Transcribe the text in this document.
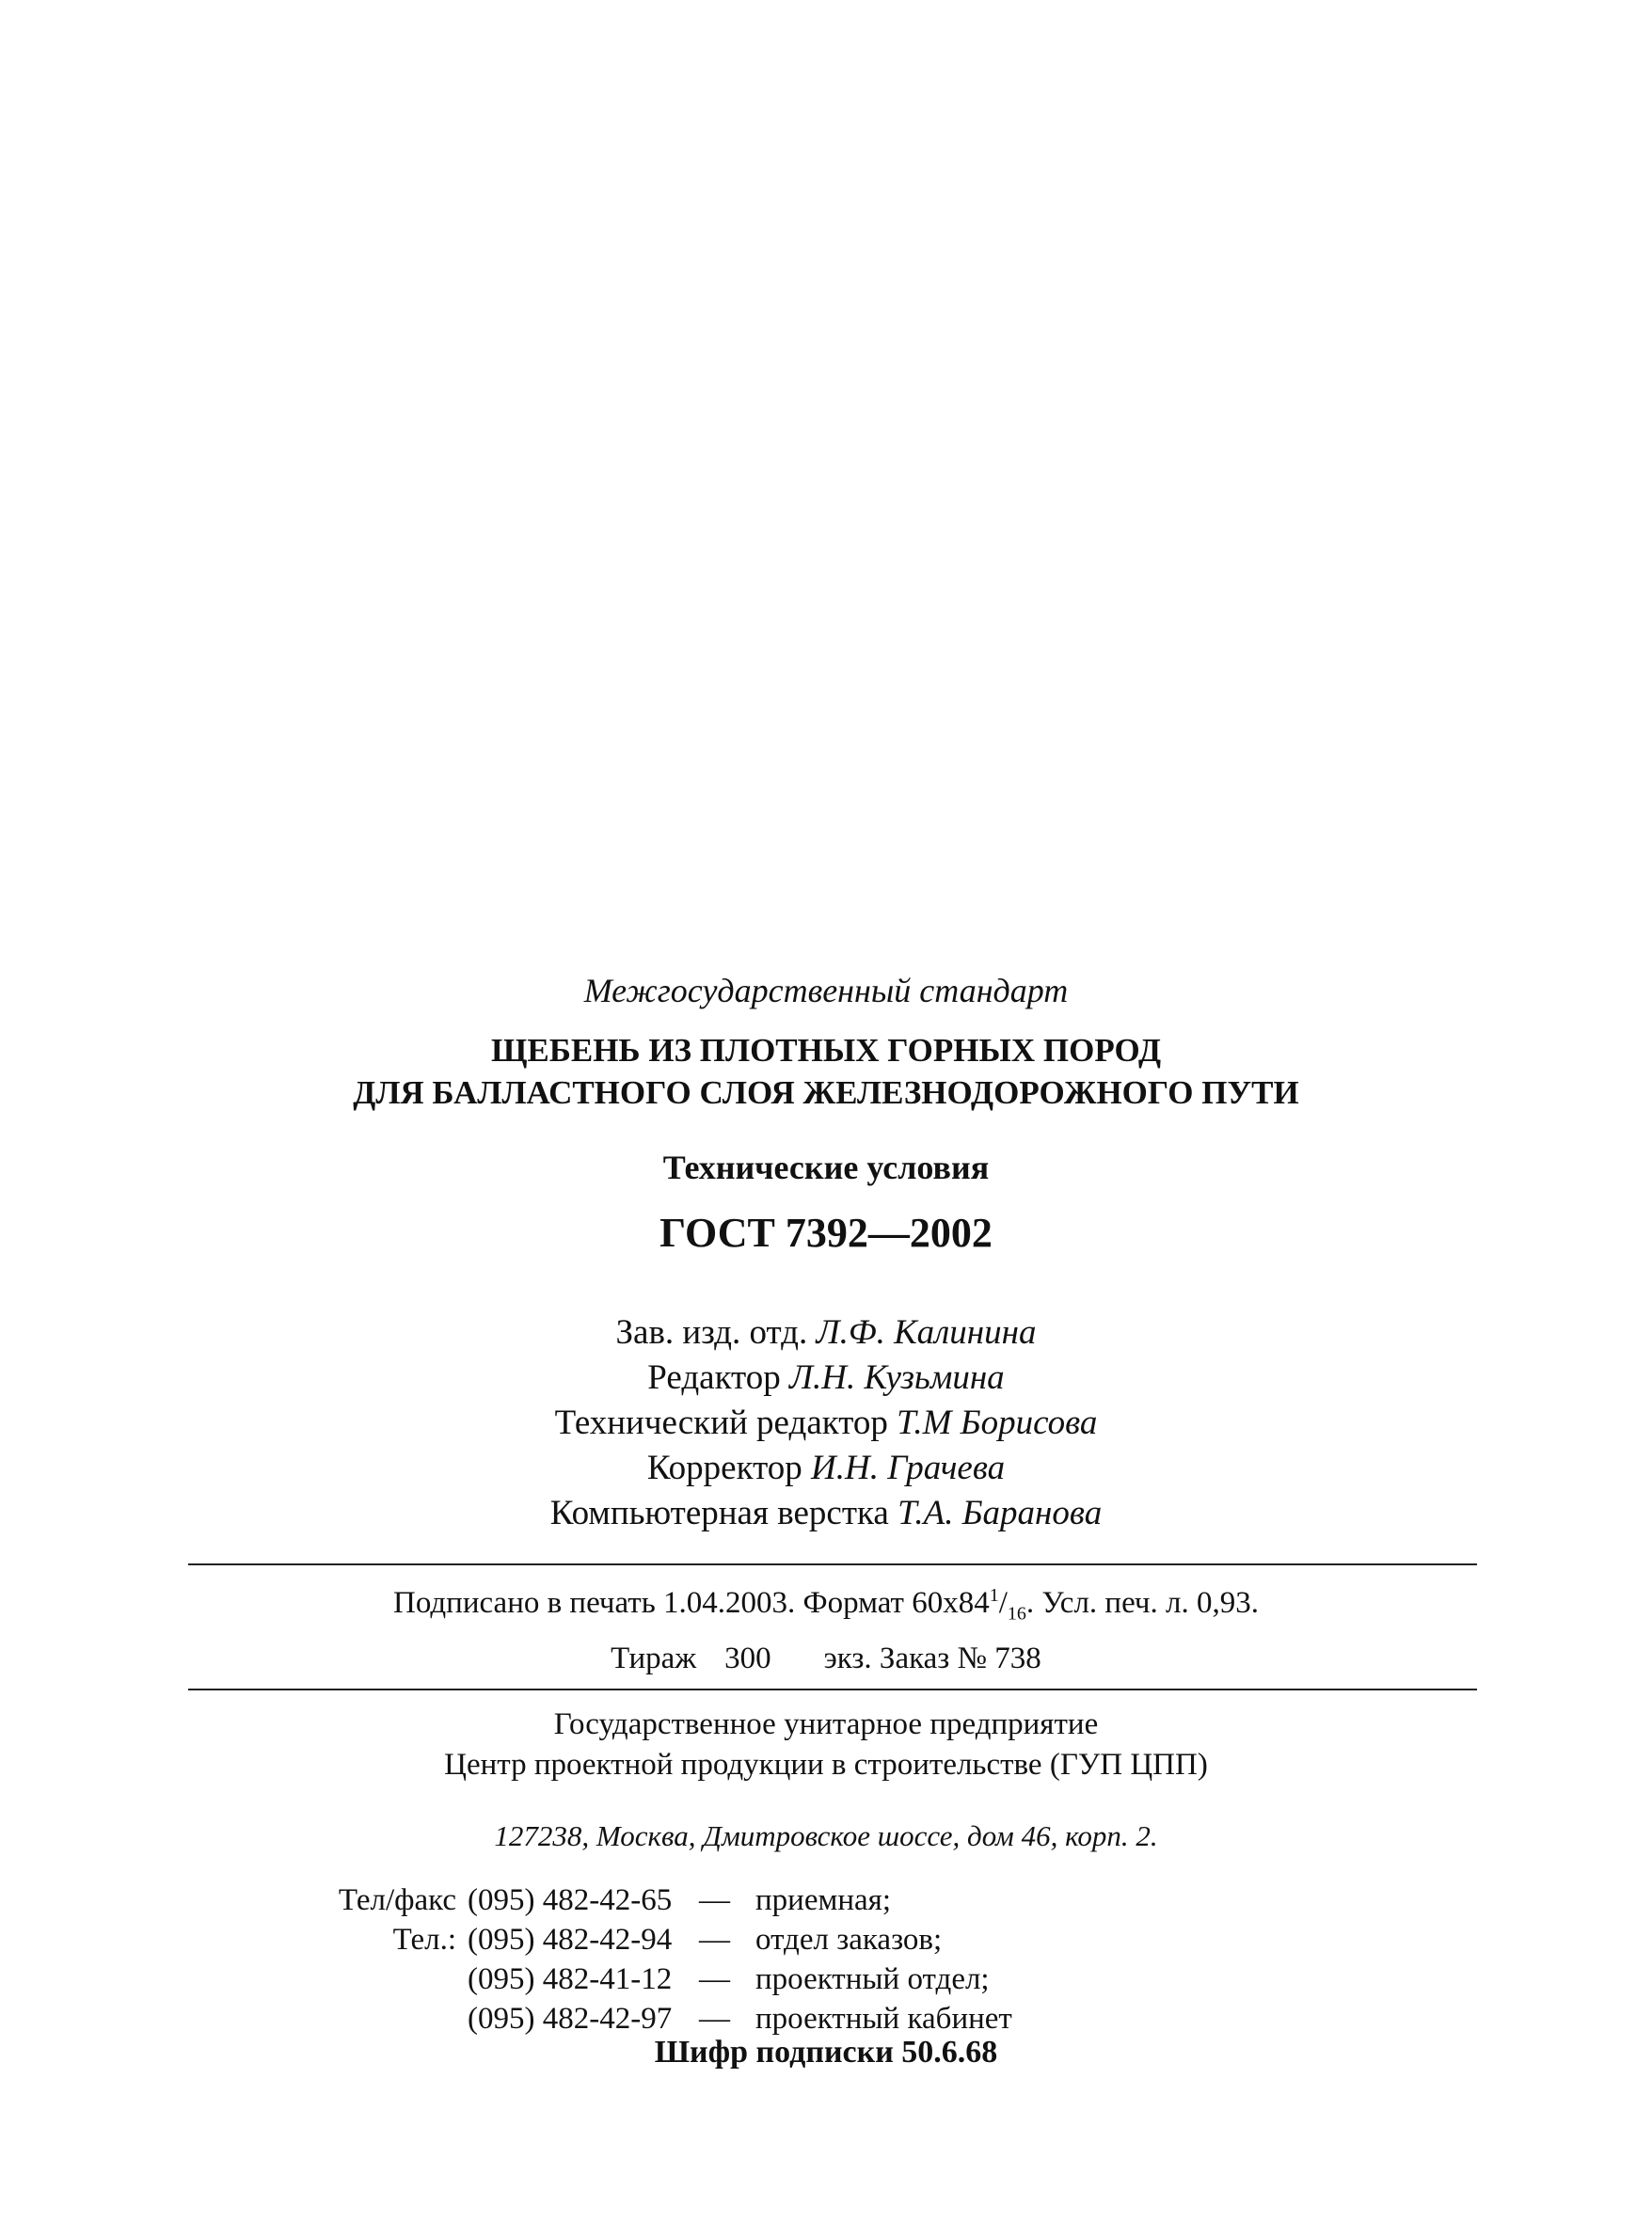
Межгосударственный стандарт
ЩЕБЕНЬ ИЗ ПЛОТНЫХ ГОРНЫХ ПОРОД
ДЛЯ БАЛЛАСТНОГО СЛОЯ ЖЕЛЕЗНОДОРОЖНОГО ПУТИ
Технические условия
ГОСТ 7392—2002
Зав. изд. отд. Л.Ф. Калинина
Редактор Л.Н. Кузьмина
Технический редактор Т.М Борисова
Корректор И.Н. Грачева
Компьютерная верстка Т.А. Баранова
Подписано в печать 1.04.2003. Формат $60х84^1/_{16}$. Усл. печ. л. 0,93.
Тираж 300 экз. Заказ № 738
Государственное унитарное предприятие
Центр проектной продукции в строительстве (ГУП ЦПП)
127238, Москва, Дмитровское шоссе, дом 46, корп. 2.
Тел/факс (095) 482-42-65 — приемная;
Тел.: (095) 482-42-94 — отдел заказов;
(095) 482-41-12 — проектный отдел;
(095) 482-42-97 — проектный кабинет
Шифр подписки 50.6.68
